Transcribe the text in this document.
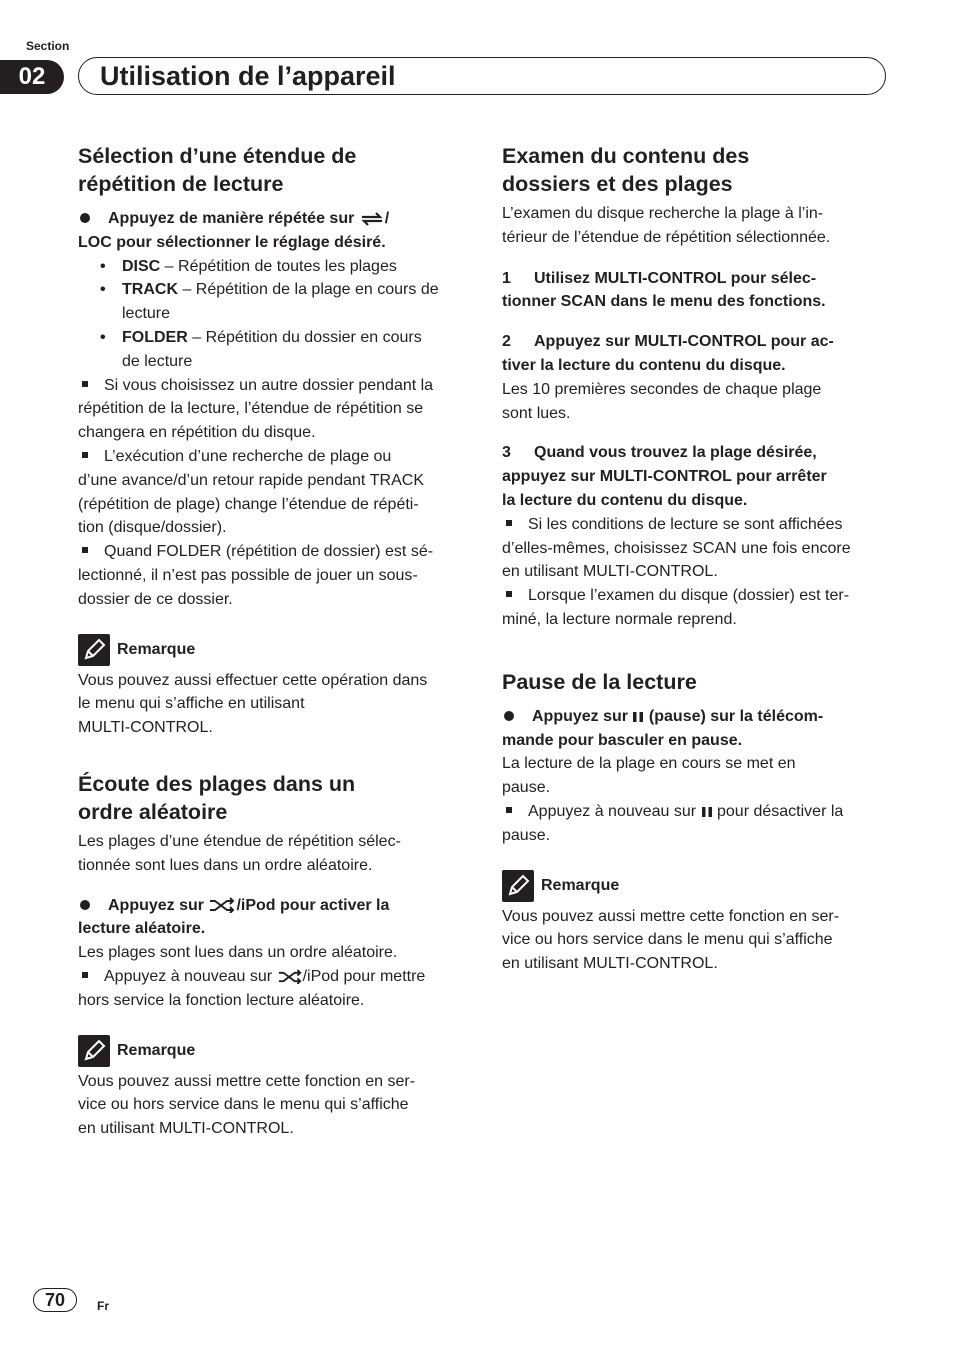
Section
02	Utilisation de l’appareil
Sélection d’une étendue de
répétition de lecture

Appuyez de manière répétée sur /
LOC pour sélectionner le réglage désiré.

• DISC – Répétition de toutes les plages
• TRACK – Répétition de la plage en cours de
lecture
• FOLDER – Répétition du dossier en cours
de lecture

Si vous choisissez un autre dossier pendant la
répétition de la lecture, l’étendue de répétition se
changera en répétition du disque.

L’exécution d’une recherche de plage ou
d’une avance/d’un retour rapide pendant TRACK
(répétition de plage) change l’étendue de répéti-
tion (disque/dossier).

Quand FOLDER (répétition de dossier) est sé-
lectionné, il n’est pas possible de jouer un sous-
dossier de ce dossier.

Remarque

Vous pouvez aussi effectuer cette opération dans
le menu qui s’affiche en utilisant
MULTI-CONTROL.

Écoute des plages dans un
ordre aléatoire

Les plages d’une étendue de répétition sélec-
tionnée sont lues dans un ordre aléatoire.

Appuyez sur /iPod pour activer la
lecture aléatoire.

Les plages sont lues dans un ordre aléatoire.

Appuyez à nouveau sur /iPod pour mettre
hors service la fonction lecture aléatoire.

Remarque

Vous pouvez aussi mettre cette fonction en ser-
vice ou hors service dans le menu qui s’affiche
en utilisant MULTI-CONTROL.

Examen du contenu des
dossiers et des plages

L’examen du disque recherche la plage à l’in-
térieur de l’étendue de répétition sélectionnée.

1 Utilisez MULTI-CONTROL pour sélec-
tionner SCAN dans le menu des fonctions.

2 Appuyez sur MULTI-CONTROL pour ac-
tiver la lecture du contenu du disque.

Les 10 premières secondes de chaque plage
sont lues.

3 Quand vous trouvez la plage désirée,
appuyez sur MULTI-CONTROL pour arrêter
la lecture du contenu du disque.

Si les conditions de lecture se sont affichées
d’elles-mêmes, choisissez SCAN une fois encore
en utilisant MULTI-CONTROL.

Lorsque l’examen du disque (dossier) est ter-
miné, la lecture normale reprend.

Pause de la lecture

Appuyez sur  (pause) sur la télécom-
mande pour basculer en pause.

La lecture de la plage en cours se met en
pause.

Appuyez à nouveau sur  pour désactiver la
pause.

Remarque

Vous pouvez aussi mettre cette fonction en ser-
vice ou hors service dans le menu qui s’affiche
en utilisant MULTI-CONTROL.

70	Fr
